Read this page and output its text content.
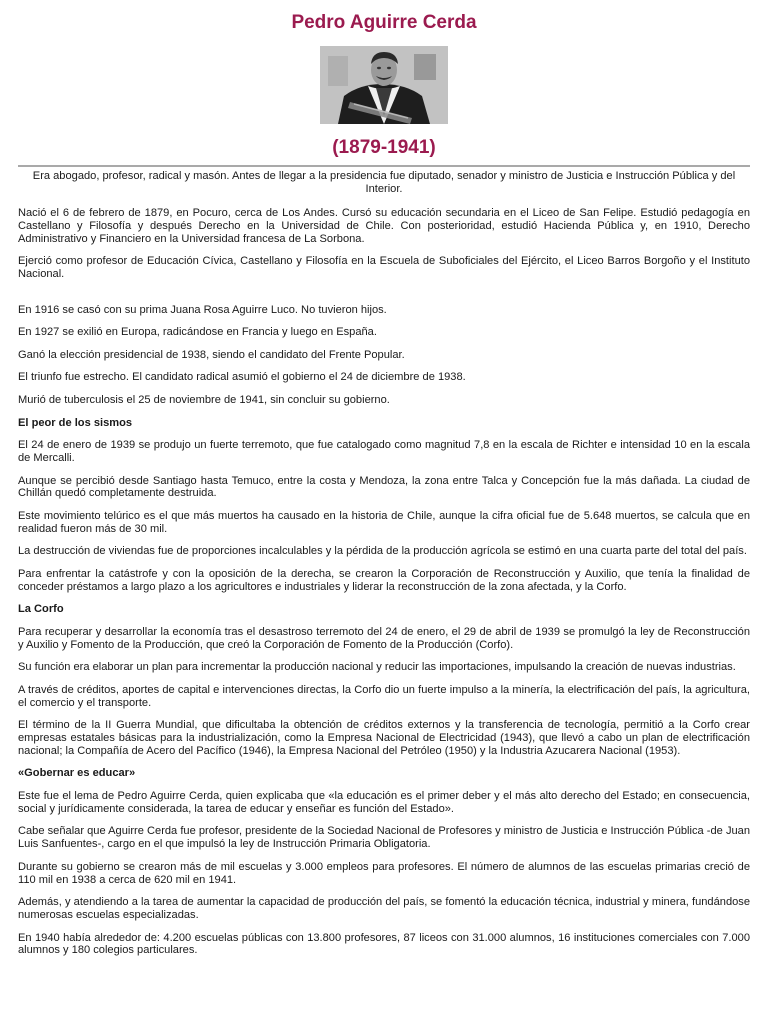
Pedro Aguirre Cerda
(1879-1941)

Era abogado, profesor, radical y masón. Antes de llegar a la presidencia fue diputado, senador y ministro de Justicia e Instrucción Pública y del Interior.

Nació el 6 de febrero de 1879, en Pocuro, cerca de Los Andes. Cursó su educación secundaria en el Liceo de San Felipe. Estudió pedagogía en Castellano y Filosofía y después Derecho en la Universidad de Chile. Con posterioridad, estudió Hacienda Pública y, en 1910, Derecho Administrativo y Financiero en la Universidad francesa de La Sorbona.

Ejerció como profesor de Educación Cívica, Castellano y Filosofía en la Escuela de Suboficiales del Ejército, el Liceo Barros Borgoño y el Instituto Nacional.

En 1916 se casó con su prima Juana Rosa Aguirre Luco. No tuvieron hijos.

En 1927 se exilió en Europa, radicándose en Francia y luego en España.

Ganó la elección presidencial de 1938, siendo el candidato del Frente Popular.

El triunfo fue estrecho. El candidato radical asumió el gobierno el 24 de diciembre de 1938.

Murió de tuberculosis el 25 de noviembre de 1941, sin concluir su gobierno.

El peor de los sismos

El 24 de enero de 1939 se produjo un fuerte terremoto, que fue catalogado como magnitud 7,8 en la escala de Richter e intensidad 10 en la escala de Mercalli.

Aunque se percibió desde Santiago hasta Temuco, entre la costa y Mendoza, la zona entre Talca y Concepción fue la más dañada. La ciudad de Chillán quedó completamente destruida.

Este movimiento telúrico es el que más muertos ha causado en la historia de Chile, aunque la cifra oficial fue de 5.648 muertos, se calcula que en realidad fueron más de 30 mil.

La destrucción de viviendas fue de proporciones incalculables y la pérdida de la producción agrícola se estimó en una cuarta parte del total del país.

Para enfrentar la catástrofe y con la oposición de la derecha, se crearon la Corporación de Reconstrucción y Auxilio, que tenía la finalidad de conceder préstamos a largo plazo a los agricultores e industriales y liderar la reconstrucción de la zona afectada, y la Corfo.

La Corfo

Para recuperar y desarrollar la economía tras el desastroso terremoto del 24 de enero, el 29 de abril de 1939 se promulgó la ley de Reconstrucción y Auxilio y Fomento de la Producción, que creó la Corporación de Fomento de la Producción (Corfo).

Su función era elaborar un plan para incrementar la producción nacional y reducir las importaciones, impulsando la creación de nuevas industrias.

A través de créditos, aportes de capital e intervenciones directas, la Corfo dio un fuerte impulso a la minería, la electrificación del país, la agricultura, el comercio y el transporte.

El término de la II Guerra Mundial, que dificultaba la obtención de créditos externos y la transferencia de tecnología, permitió a la Corfo crear empresas estatales básicas para la industrialización, como la Empresa Nacional de Electricidad (1943), que llevó a cabo un plan de electrificación nacional; la Compañía de Acero del Pacífico (1946), la Empresa Nacional del Petróleo (1950) y la Industria Azucarera Nacional (1953).

«Gobernar es educar»

Este fue el lema de Pedro Aguirre Cerda, quien explicaba que «la educación es el primer deber y el más alto derecho del Estado; en consecuencia, social y jurídicamente considerada, la tarea de educar y enseñar es función del Estado».

Cabe señalar que Aguirre Cerda fue profesor, presidente de la Sociedad Nacional de Profesores y ministro de Justicia e Instrucción Pública -de Juan Luis Sanfuentes-, cargo en el que impulsó la ley de Instrucción Primaria Obligatoria.

Durante su gobierno se crearon más de mil escuelas y 3.000 empleos para profesores. El número de alumnos de las escuelas primarias creció de 110 mil en 1938 a cerca de 620 mil en 1941.

Además, y atendiendo a la tarea de aumentar la capacidad de producción del país, se fomentó la educación técnica, industrial y minera, fundándose numerosas escuelas especializadas.

En 1940 había alrededor de: 4.200 escuelas públicas con 13.800 profesores, 87 liceos con 31.000 alumnos, 16 instituciones comerciales con 7.000 alumnos y 180 colegios particulares.
